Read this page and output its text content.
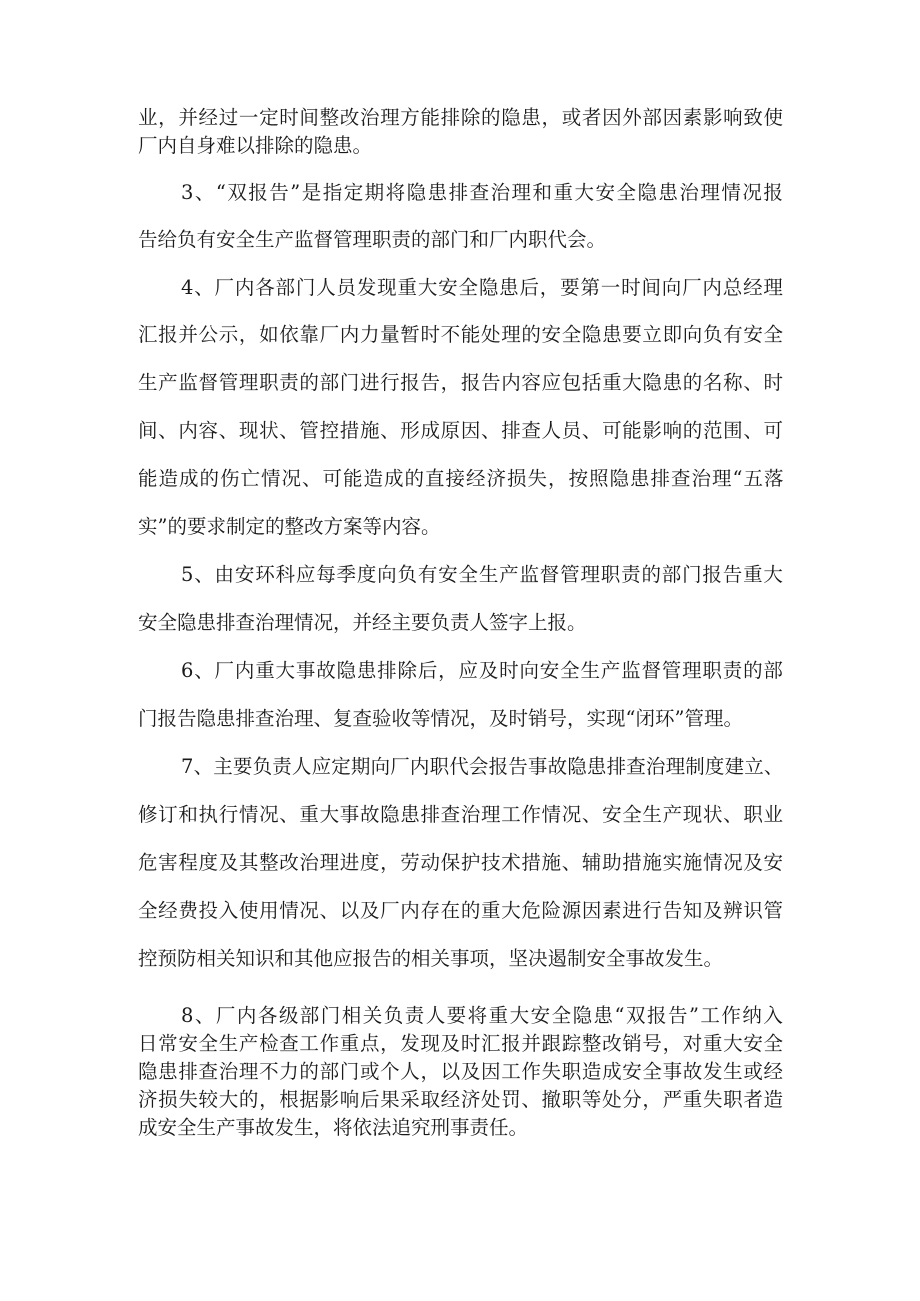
业，并经过一定时间整改治理方能排除的隐患，或者因外部因素影响致使
厂内自身难以排除的隐患。
3、“双报告”是指定期将隐患排查治理和重大安全隐患治理情况报
告给负有安全生产监督管理职责的部门和厂内职代会。
4、厂内各部门人员发现重大安全隐患后，要第一时间向厂内总经理
汇报并公示，如依靠厂内力量暂时不能处理的安全隐患要立即向负有安全
生产监督管理职责的部门进行报告，报告内容应包括重大隐患的名称、时
间、内容、现状、管控措施、形成原因、排查人员、可能影响的范围、可
能造成的伤亡情况、可能造成的直接经济损失，按照隐患排查治理“五落
实”的要求制定的整改方案等内容。
5、由安环科应每季度向负有安全生产监督管理职责的部门报告重大
安全隐患排查治理情况，并经主要负责人签字上报。
6、厂内重大事故隐患排除后，应及时向安全生产监督管理职责的部
门报告隐患排查治理、复查验收等情况，及时销号，实现“闭环”管理。
7、主要负责人应定期向厂内职代会报告事故隐患排查治理制度建立、
修订和执行情况、重大事故隐患排查治理工作情况、安全生产现状、职业
危害程度及其整改治理进度，劳动保护技术措施、辅助措施实施情况及安
全经费投入使用情况、以及厂内存在的重大危险源因素进行告知及辨识管
控预防相关知识和其他应报告的相关事项，坚决遏制安全事故发生。
8、厂内各级部门相关负责人要将重大安全隐患“双报告”工作纳入
日常安全生产检查工作重点，发现及时汇报并跟踪整改销号，对重大安全
隐患排查治理不力的部门或个人，以及因工作失职造成安全事故发生或经
济损失较大的，根据影响后果采取经济处罚、撤职等处分，严重失职者造
成安全生产事故发生，将依法追究刑事责任。
